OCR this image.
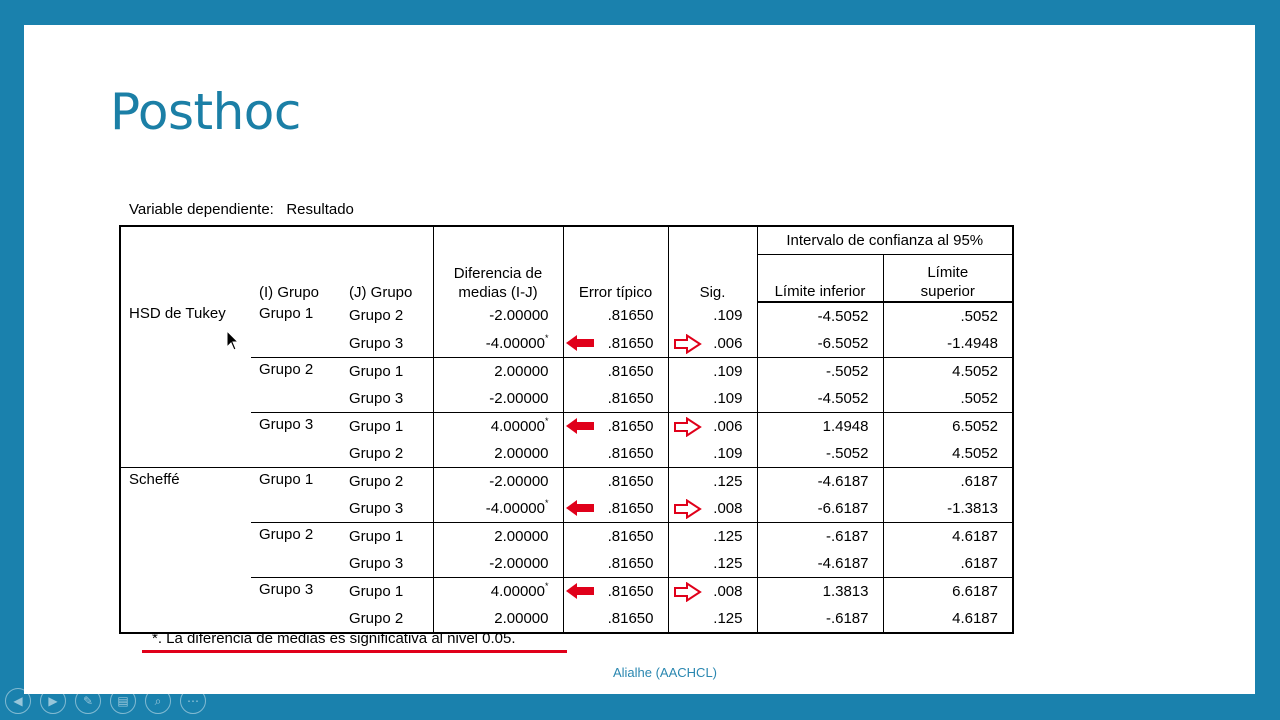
Posthoc
Variable dependiente:   Resultado
	(I) Grupo	(J) Grupo	Diferencia de medias (I-J)	Error típico	Sig.	Intervalo de confianza al 95%	
						Límite inferior	Límite superior
HSD de Tukey	Grupo 1	Grupo 2	-2.00000	.81650	.109	-4.5052	.5052
		Grupo 3	-4.00000*	.81650	.006	-6.5052	-1.4948
	Grupo 2	Grupo 1	2.00000	.81650	.109	-.5052	4.5052
		Grupo 3	-2.00000	.81650	.109	-4.5052	.5052
	Grupo 3	Grupo 1	4.00000*	.81650	.006	1.4948	6.5052
		Grupo 2	2.00000	.81650	.109	-.5052	4.5052
Scheffé	Grupo 1	Grupo 2	-2.00000	.81650	.125	-4.6187	.6187
		Grupo 3	-4.00000*	.81650	.008	-6.6187	-1.3813
	Grupo 2	Grupo 1	2.00000	.81650	.125	-.6187	4.6187
		Grupo 3	-2.00000	.81650	.125	-4.6187	.6187
	Grupo 3	Grupo 1	4.00000*	.81650	.008	1.3813	6.6187
		Grupo 2	2.00000	.81650	.125	-.6187	4.6187
*. La diferencia de medias es significativa al nivel 0.05.
Alialhe (AACHCL)
◀	▶	✎	▤	⌕	⋯
